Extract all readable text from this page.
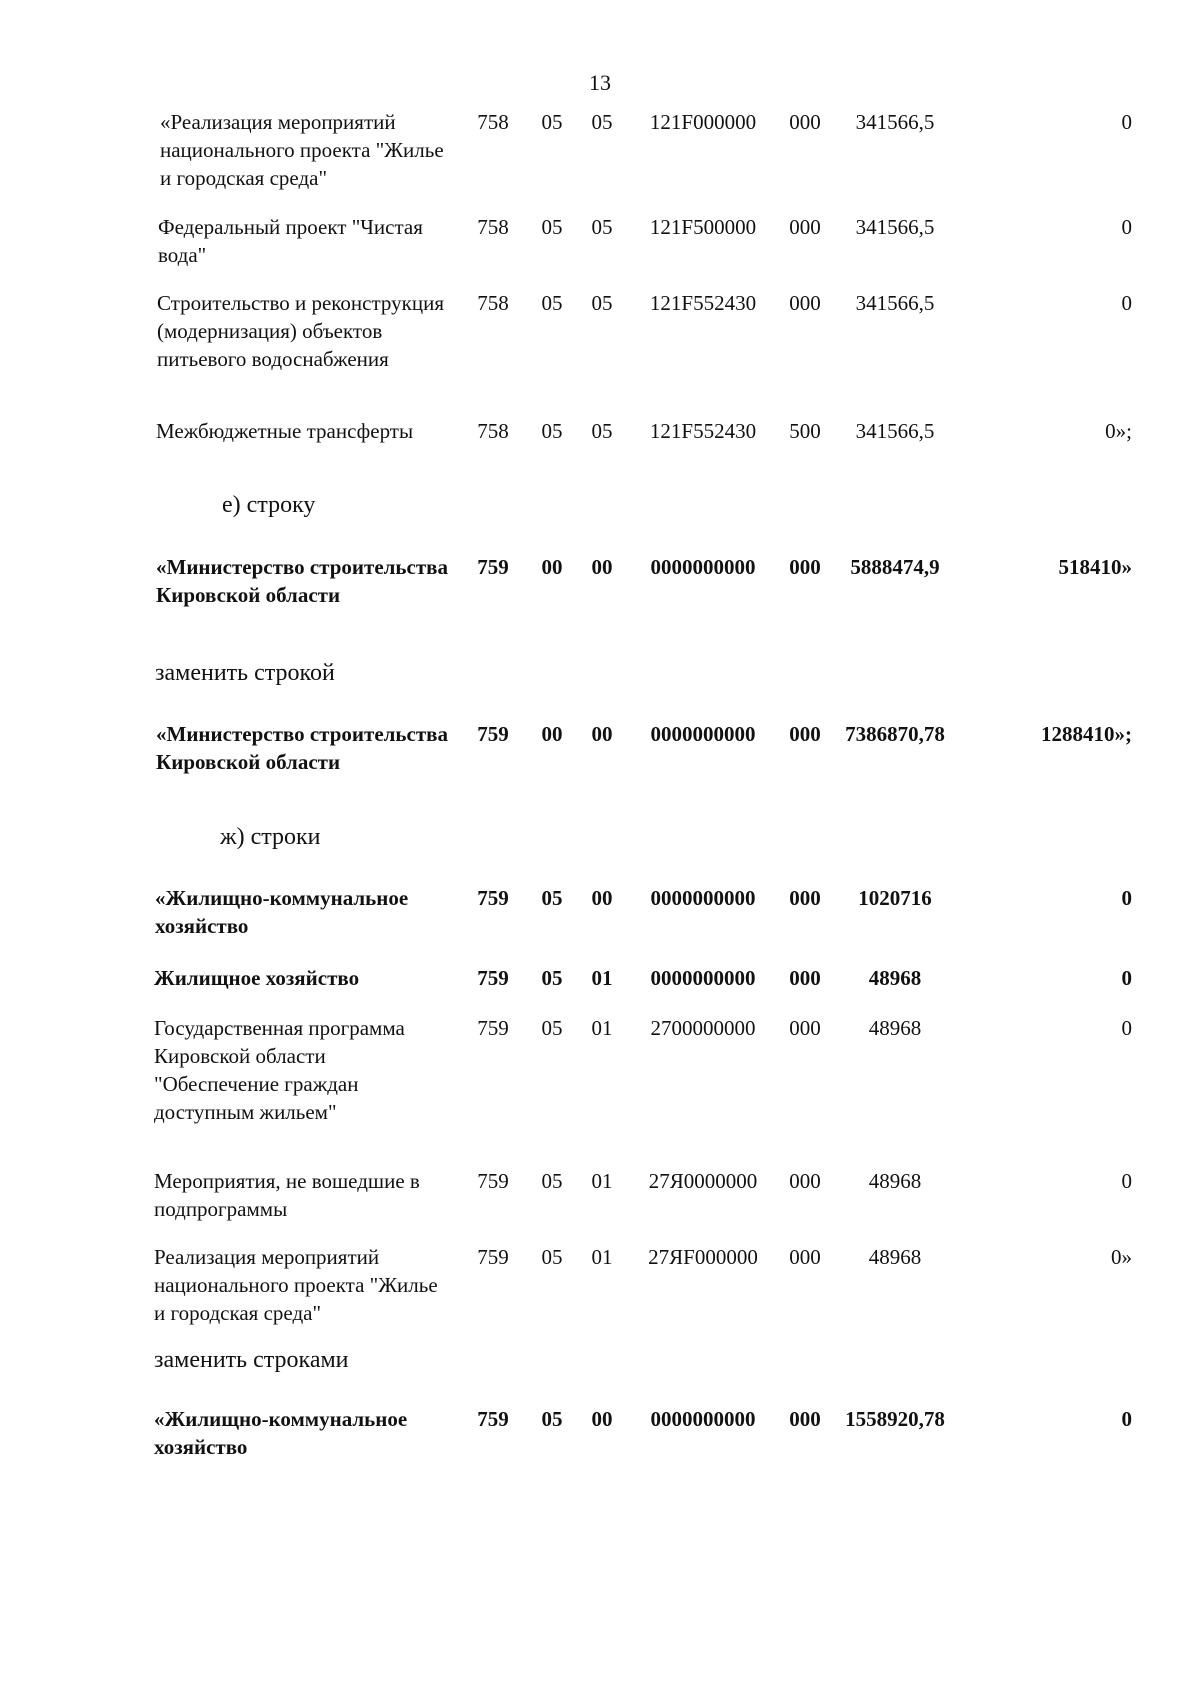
13
«Реализация мероприятий национального проекта "Жилье и городская среда"
758	05	05	121F000000	000	341566,5	0
Федеральный проект "Чистая вода"
758	05	05	121F500000	000	341566,5	0
Строительство и реконструкция (модернизация) объектов питьевого водоснабжения
758	05	05	121F552430	000	341566,5	0
Межбюджетные трансферты	758	05	05	121F552430	500	341566,5	0»;
«Министерство строительства Кировской области
759	00	00	0000000000	000	5888474,9	518410»
«Министерство строительства Кировской области
759	00	00	0000000000	000	7386870,78	1288410»;
«Жилищно-коммунальное хозяйство
759	05	00	0000000000	000	1020716	0
Жилищное хозяйство	759	05	01	0000000000	000	48968	0
Государственная программа Кировской области "Обеспечение граждан доступным жильем"
759	05	01	2700000000	000	48968	0
Мероприятия, не вошедшие в подпрограммы
759	05	01	27Я0000000	000	48968	0
Реализация мероприятий национального проекта "Жилье и городская среда"
759	05	01	27ЯF000000	000	48968	0»
«Жилищно-коммунальное хозяйство
759	05	00	0000000000	000	1558920,78	0
е) строку
заменить строкой
ж) строки
заменить строками
